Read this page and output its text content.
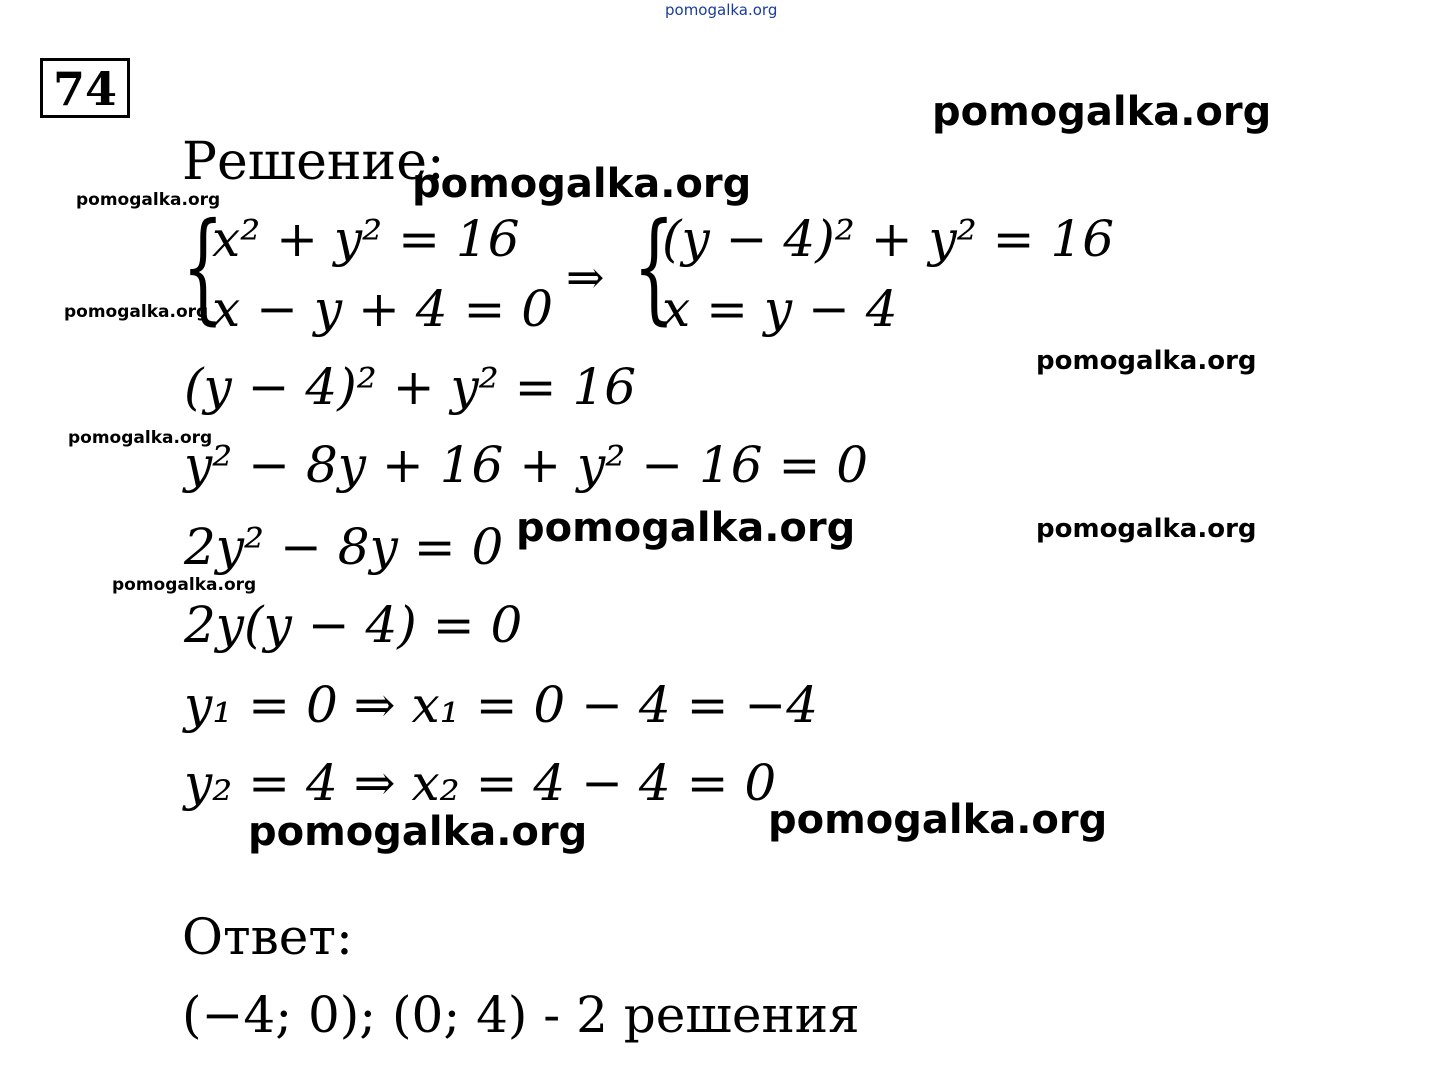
pomogalka.org
pomogalka.org
74
Решение:
pomogalka.org
pomogalka.org
pomogalka.org
{
x² + y² = 16
x − y + 4 = 0
⇒ {
(y − 4)² + y² = 16
x = y − 4
pomogalka.org
(y − 4)² + y² = 16
pomogalka.org
y² − 8y + 16 + y² − 16 = 0
2y² − 8y = 0 pomogalka.org	pomogalka.org
pomogalka.org
2y(y − 4) = 0
y₁ = 0 ⇒ x₁ = 0 − 4 = −4
y₂ = 4 ⇒ x₂ = 4 − 4 = 0
pomogalka.org	pomogalka.org
Ответ:
(−4; 0); (0; 4) - 2 решения
